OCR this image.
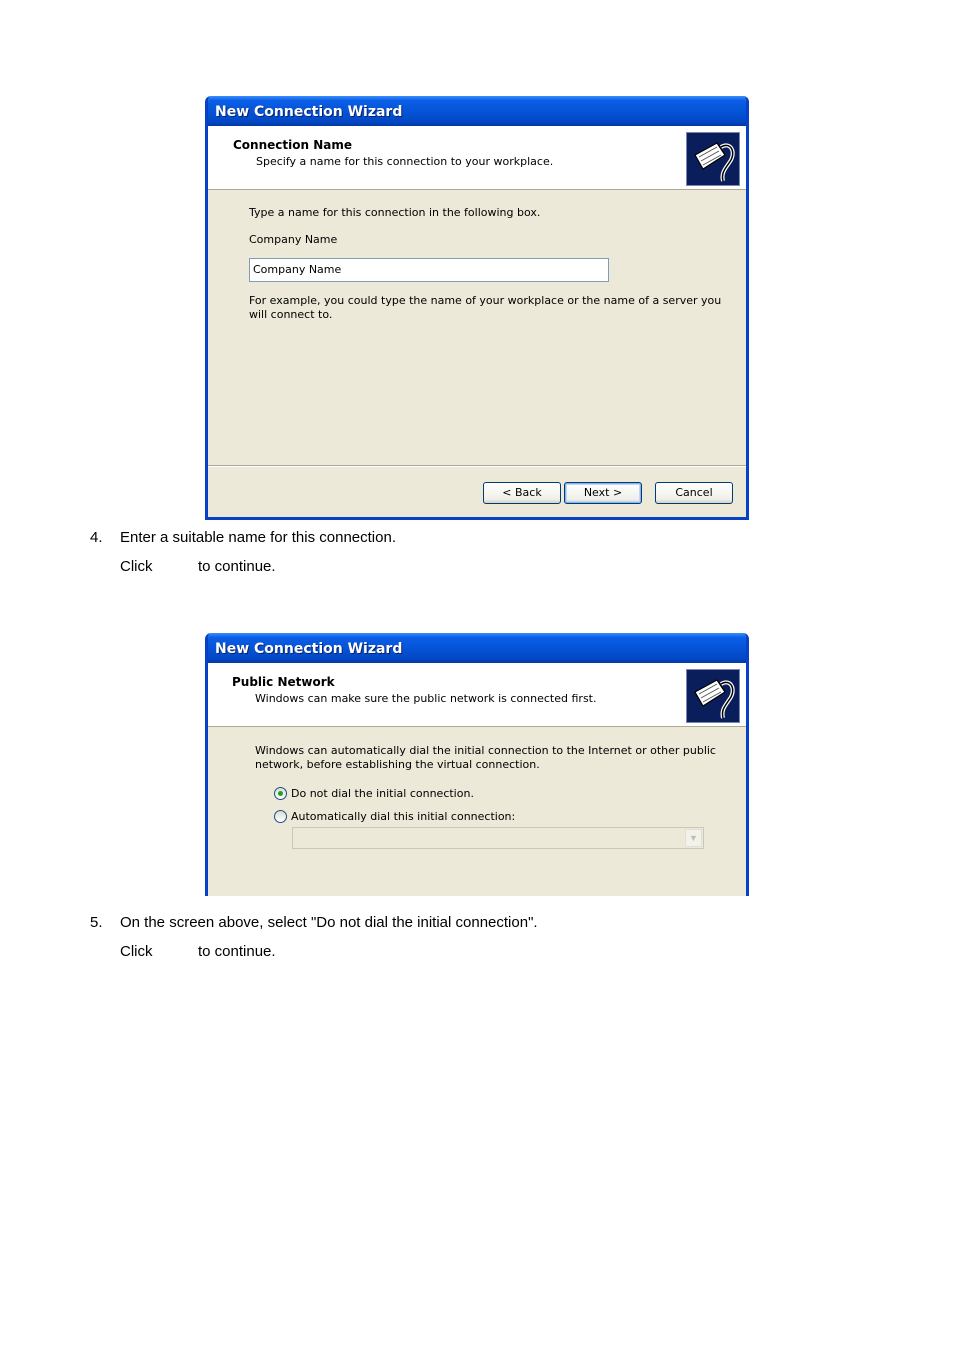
New Connection Wizard
Connection Name
Specify a name for this connection to your workplace.
Type a name for this connection in the following box.
Company Name
Company Name
For example, you could type the name of your workplace or the name of a server you
will connect to.
< Back	Next >	Cancel
4. Enter a suitable name for this connection.
Click	to continue.
New Connection Wizard
Public Network
Windows can make sure the public network is connected first.
Windows can automatically dial the initial connection to the Internet or other public
network, before establishing the virtual connection.
Do not dial the initial connection.
Automatically dial this initial connection:
▼
5. On the screen above, select "Do not dial the initial connection".
Click	to continue.
